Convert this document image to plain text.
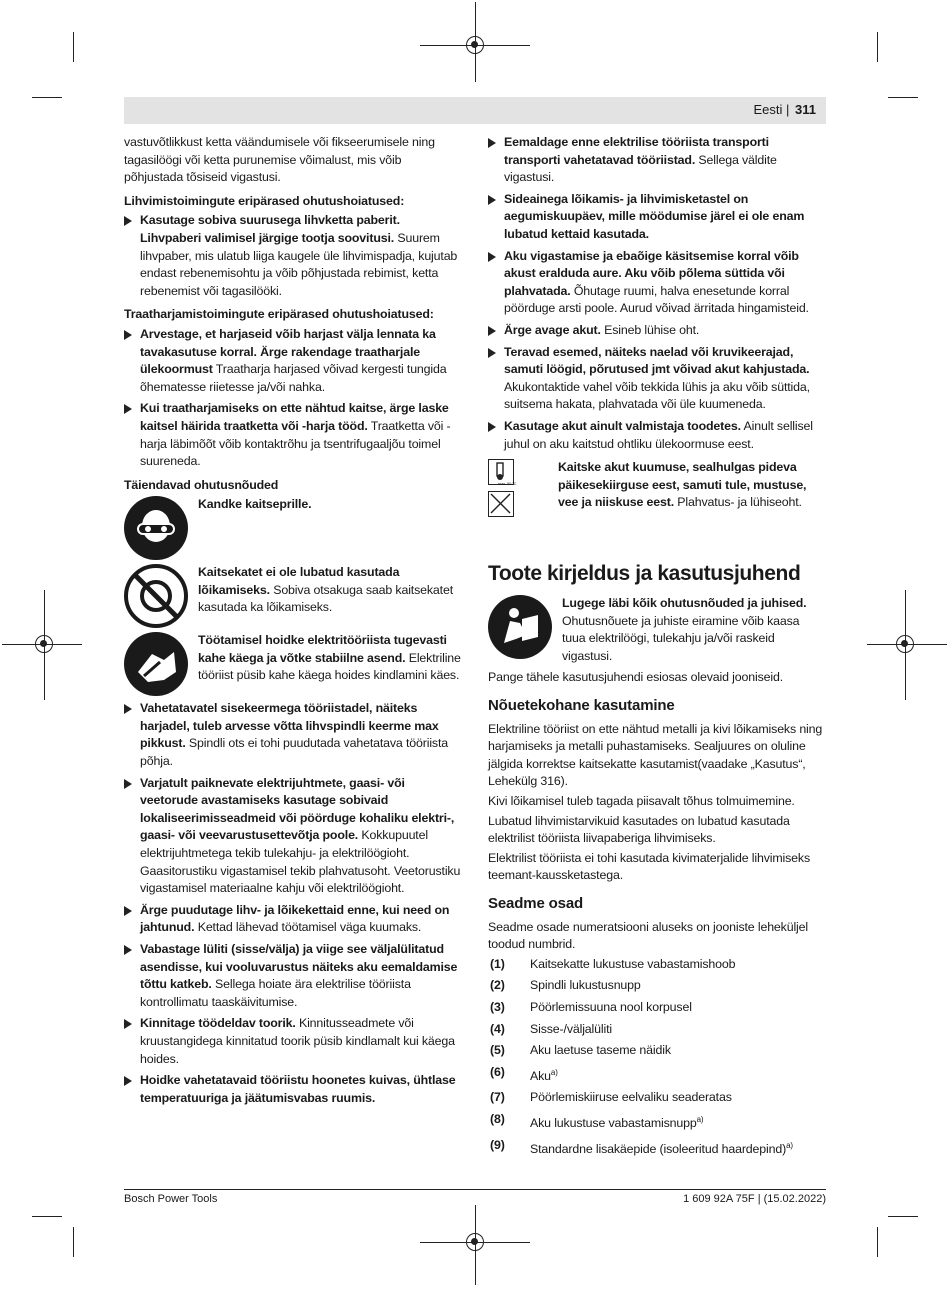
Eesti | 311

vastuvõtlikkust ketta väändumisele või fikseerumisele ning tagasilöögi või ketta purunemise võimalust, mis võib põhjustada tõsiseid vigastusi.

Lihvimistoimingute eripärased ohutushoiatused:

Kasutage sobiva suurusega lihvketta paberit. Lihvpaberi valimisel järgige tootja soovitusi. Suurem lihvpaber, mis ulatub liiga kaugele üle lihvimispadja, kujutab endast rebenemisohtu ja võib põhjustada rebimist, ketta rebenemist või tagasilööki.

Traatharjamistoimingute eripärased ohutushoiatused:

Arvestage, et harjaseid võib harjast välja lennata ka tavakasutuse korral. Ärge rakendage traatharjale ülekoormust Traatharja harjased võivad kergesti tungida õhematesse riietesse ja/või nahka.
Kui traatharjamiseks on ette nähtud kaitse, ärge laske kaitsel häirida traatketta või -harja tööd. Traatketta või -harja läbimõõt võib kontaktrõhu ja tsentrifugaaljõu toimel suureneda.

Täiendavad ohutusnõuded

Kandke kaitseprille.
Kaitsekatet ei ole lubatud kasutada lõikamiseks. Sobiva otsakuga saab kaitsekatet kasutada ka lõikamiseks.
Töötamisel hoidke elektritööriista tugevasti kahe käega ja võtke stabiilne asend. Elektriline tööriist püsib kahe käega hoides kindlamini käes.
Vahetatavatel sisekeermega tööriistadel, näiteks harjadel, tuleb arvesse võtta lihvspindli keerme max pikkust. Spindli ots ei tohi puudutada vahetatava tööriista põhja.
Varjatult paiknevate elektrijuhtmete, gaasi- või veetorude avastamiseks kasutage sobivaid lokaliseerimisseadmeid või pöörduge kohaliku elektri-, gaasi- või veevarustusettevõtja poole. Kokkupuutel elektrijuhtmetega tekib tulekahju- ja elektrilöögioht. Gaasitorustiku vigastamisel tekib plahvatusoht. Veetorustiku vigastamisel materiaalne kahju või elektrilöögioht.
Ärge puudutage lihv- ja lõikekettaid enne, kui need on jahtunud. Kettad lähevad töötamisel väga kuumaks.
Vabastage lüliti (sisse/välja) ja viige see väljalülitatud asendisse, kui vooluvarustus näiteks aku eemaldamise tõttu katkeb. Sellega hoiate ära elektrilise tööriista kontrollimatu taaskäivitumise.
Kinnitage töödeldav toorik. Kinnitusseadmete või kruustangidega kinnitatud toorik püsib kindlamalt kui käega hoides.
Hoidke vahetatavaid tööriistu hoonetes kuivas, ühtlase temperatuuriga ja jäätumisvabas ruumis.
Eemaldage enne elektrilise tööriista transporti transporti vahetatavad tööriistad. Sellega väldite vigastusi.
Sideainega lõikamis- ja lihvimisketastel on aegumiskuupäev, mille möödumise järel ei ole enam lubatud kettaid kasutada.
Aku vigastamise ja ebaõige käsitsemise korral võib akust eralduda aure. Aku võib põlema süttida või plahvatada. Õhutage ruumi, halva enesetunde korral pöörduge arsti poole. Aurud võivad ärritada hingamisteid.
Ärge avage akut. Esineb lühise oht.
Teravad esemed, näiteks naelad või kruvikeerajad, samuti löögid, põrutused jmt võivad akut kahjustada. Akukontaktide vahel võib tekkida lühis ja aku võib süttida, suitsema hakata, plahvatada või üle kuumeneda.
Kasutage akut ainult valmistaja toodetes. Ainult sellisel juhul on aku kaitstud ohtliku ülekoormuse eest.
max. 50 °C
Kaitske akut kuumuse, sealhulgas pideva päikesekiirguse eest, samuti tule, mustuse, vee ja niiskuse eest. Plahvatus- ja lühiseoht.
Toote kirjeldus ja kasutusjuhend
Lugege läbi kõik ohutusnõuded ja juhised. Ohutusnõuete ja juhiste eiramine võib kaasa tuua elektrilöögi, tulekahju ja/või raskeid vigastusi.

Pange tähele kasutusjuhendi esiosas olevaid jooniseid.

Nõuetekohane kasutamine

Elektriline tööriist on ette nähtud metalli ja kivi lõikamiseks ning harjamiseks ja metalli puhastamiseks. Sealjuures on oluline jälgida korrektse kaitsekatte kasutamist(vaadake „Kasutus“, Lehekülg 316).

Kivi lõikamisel tuleb tagada piisavalt tõhus tolmuimemine.

Lubatud lihvimistarvikuid kasutades on lubatud kasutada elektrilist tööriista liivapaberiga lihvimiseks.

Elektrilist tööriista ei tohi kasutada kivimaterjalide lihvimiseks teemant-kaussketastega.

Seadme osad

Seadme osade numeratsiooni aluseks on jooniste leheküljel toodud numbrid.

(1)	Kaitsekatte lukustuse vabastamishoob
(2)	Spindli lukustusnupp
(3)	Pöörlemissuuna nool korpusel
(4)	Sisse-/väljalüliti
(5)	Aku laetuse taseme näidik
(6)	Aku$^{a)}$
(7)	Pöörlemiskiiruse eelvaliku seaderatas
(8)	Aku lukustuse vabastamisnupp$^{a)}$
(9)	Standardne lisakäepide (isoleeritud haardepind)$^{a)}$
Bosch Power Tools	1 609 92A 75F | (15.02.2022)
